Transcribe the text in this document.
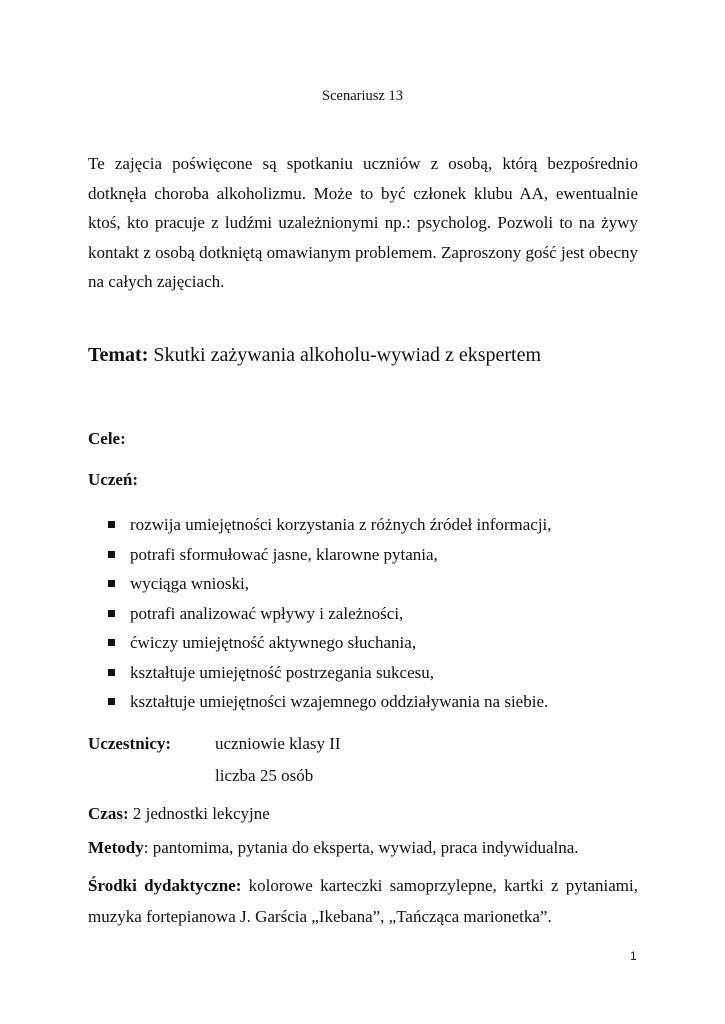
Scenariusz 13

Te zajęcia poświęcone są spotkaniu uczniów z osobą, którą bezpośrednio dotknęła choroba alkoholizmu. Może to być członek klubu AA, ewentualnie ktoś, kto pracuje z ludźmi uzależnionymi np.: psycholog. Pozwoli to na żywy kontakt z osobą dotkniętą omawianym problemem. Zaproszony gość jest obecny na całych zajęciach.

Temat: Skutki zażywania alkoholu-wywiad z ekspertem
Cele:
Uczeń:
rozwija umiejętności korzystania z różnych źródeł informacji,
potrafi sformułować jasne, klarowne pytania,
wyciąga wnioski,
potrafi analizować wpływy i zależności,
ćwiczy umiejętność aktywnego słuchania,
kształtuje umiejętność postrzegania sukcesu,
kształtuje umiejętności wzajemnego oddziaływania na siebie.
Uczestnicy:	uczniowie klasy II
liczba 25 osób
Czas: 2 jednostki lekcyjne
Metody: pantomima, pytania do eksperta, wywiad, praca indywidualna.

Środki dydaktyczne: kolorowe karteczki samoprzylepne, kartki z pytaniami, muzyka fortepianowa J. Garścia „Ikebana”, „Tańcząca marionetka”.

1
